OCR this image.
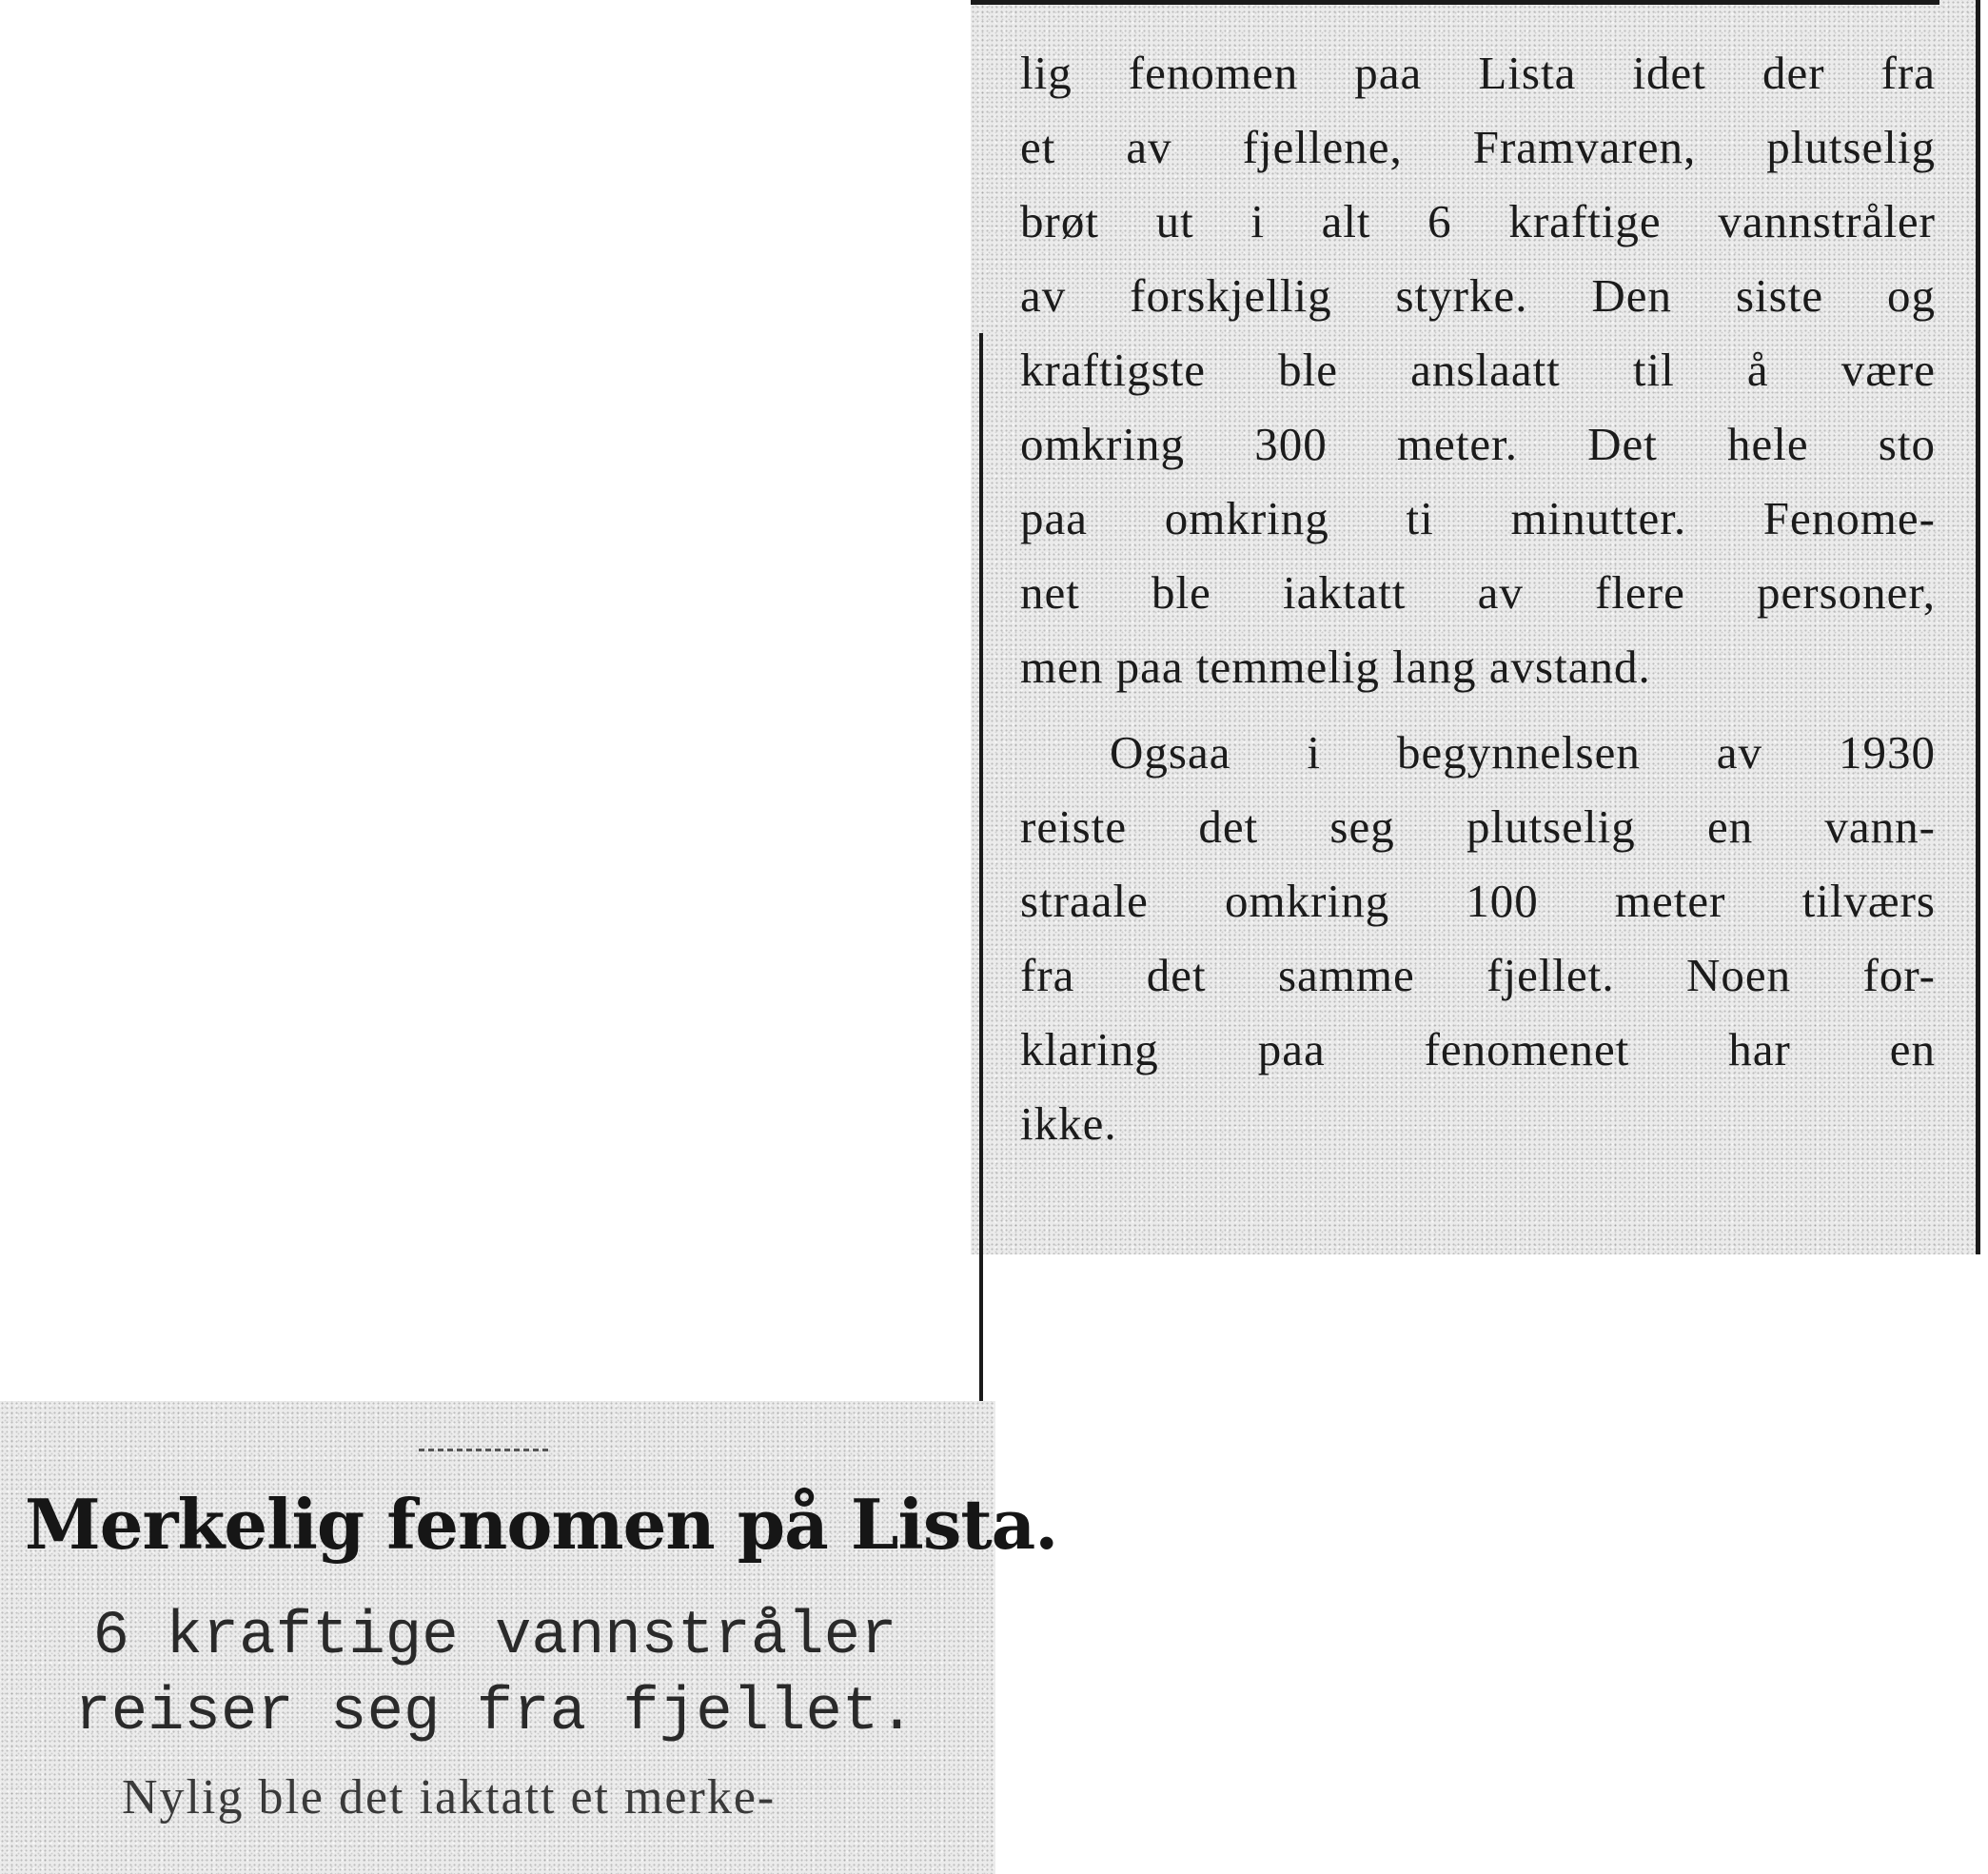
lig fenomen paa Lista idet der fra
et av fjellene, Framvaren, plutselig
brøt ut i alt 6 kraftige vannstråler
av forskjellig styrke. Den siste og
kraftigste ble anslaatt til å være
omkring 300 meter. Det hele sto
paa omkring ti minutter. Fenome-
net ble iaktatt av flere personer,
men paa temmelig lang avstand.
Ogsaa i begynnelsen av 1930
reiste det seg plutselig en vann-
straale omkring 100 meter tilværs
fra det samme fjellet. Noen for-
klaring paa fenomenet har en
ikke.
Merkelig fenomen på Lista.
6 kraftige vannstråler
reiser seg fra fjellet.
Nylig ble det iaktatt et merke-
